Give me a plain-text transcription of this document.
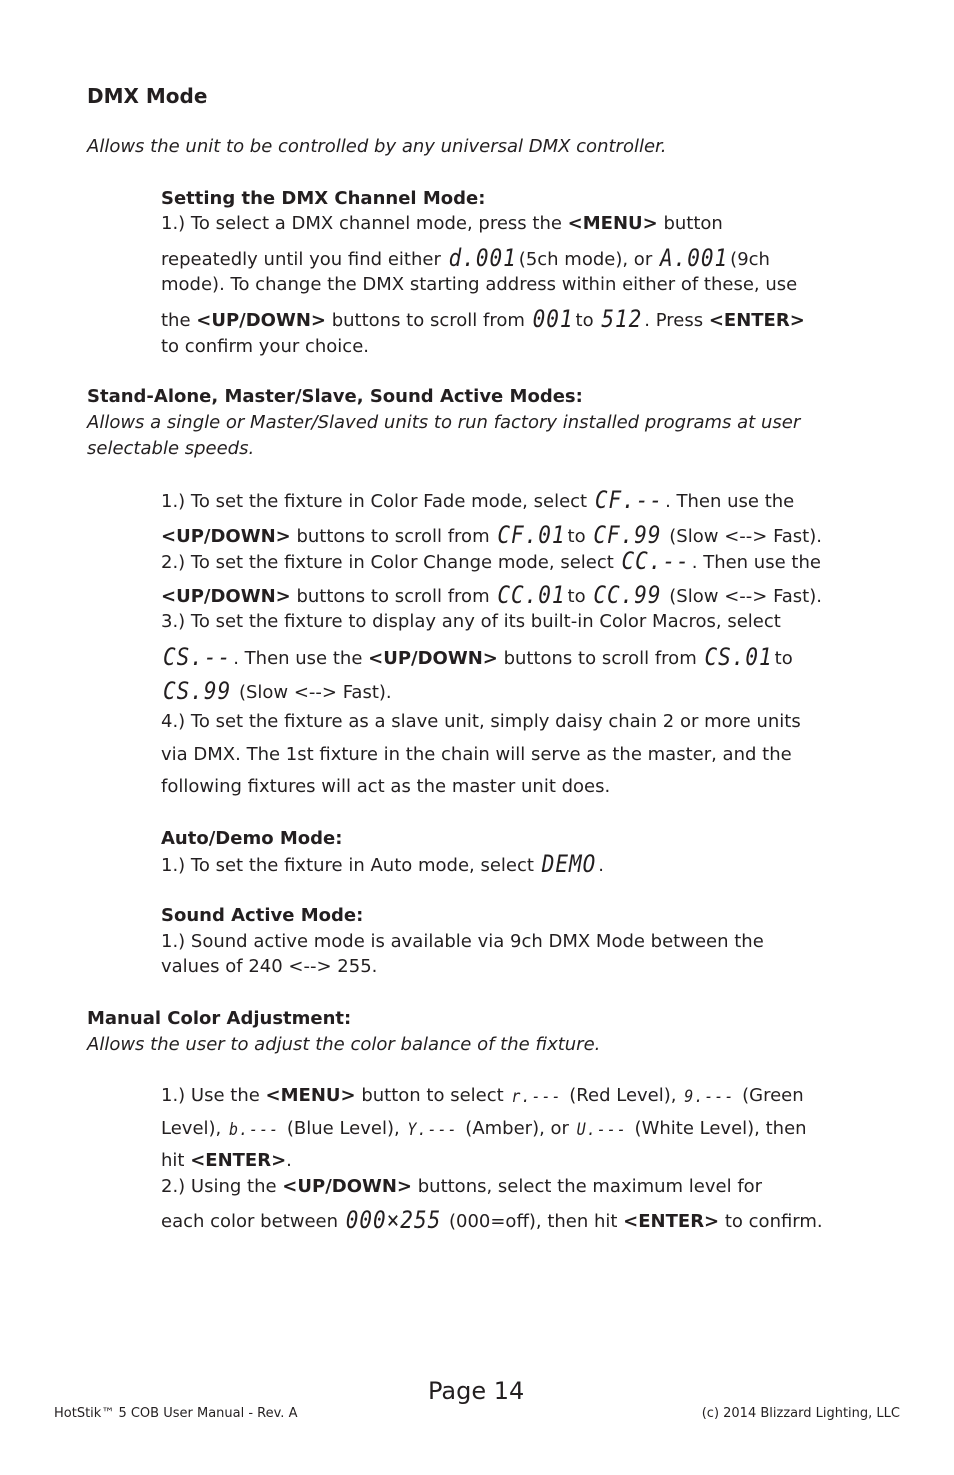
DMX Mode
Allows the unit to be controlled by any universal DMX controller.
Setting the DMX Channel Mode:
1.) To select a DMX channel mode, press the <MENU> button
repeatedly until you find either d.001 (5ch mode), or A.001 (9ch
mode). To change the DMX starting address within either of these, use
the <UP/DOWN> buttons to scroll from 001 to 512 . Press <ENTER>
to confirm your choice.
Stand-Alone, Master/Slave, Sound Active Modes:
Allows a single or Master/Slaved units to run factory installed programs at user
selectable speeds.
1.) To set the fixture in Color Fade mode, select CF.-- . Then use the
<UP/DOWN> buttons to scroll from CF.01 to CF.99 (Slow <--> Fast).
2.) To set the fixture in Color Change mode, select CC.-- . Then use the
<UP/DOWN> buttons to scroll from CC.01 to CC.99 (Slow <--> Fast).
3.) To set the fixture to display any of its built-in Color Macros, select
CS.-- . Then use the <UP/DOWN> buttons to scroll from CS.01 to
CS.99 (Slow <--> Fast).
4.) To set the fixture as a slave unit, simply daisy chain 2 or more units
via DMX. The 1st fixture in the chain will serve as the master, and the
following fixtures will act as the master unit does.
Auto/Demo Mode:
1.) To set the fixture in Auto mode, select DEMO .
Sound Active Mode:
1.) Sound active mode is available via 9ch DMX Mode between the
values of 240 <--> 255.
Manual Color Adjustment:
Allows the user to adjust the color balance of the fixture.
1.) Use the <MENU> button to select r.--- (Red Level), 9.--- (Green
Level), b.--- (Blue Level), Y.--- (Amber), or U.--- (White Level), then
hit <ENTER>.
2.) Using the <UP/DOWN> buttons, select the maximum level for
each color between 000×255 (000=off), then hit <ENTER> to confirm.
Page 14
HotStik™ 5 COB User Manual - Rev. A	(c) 2014 Blizzard Lighting, LLC
